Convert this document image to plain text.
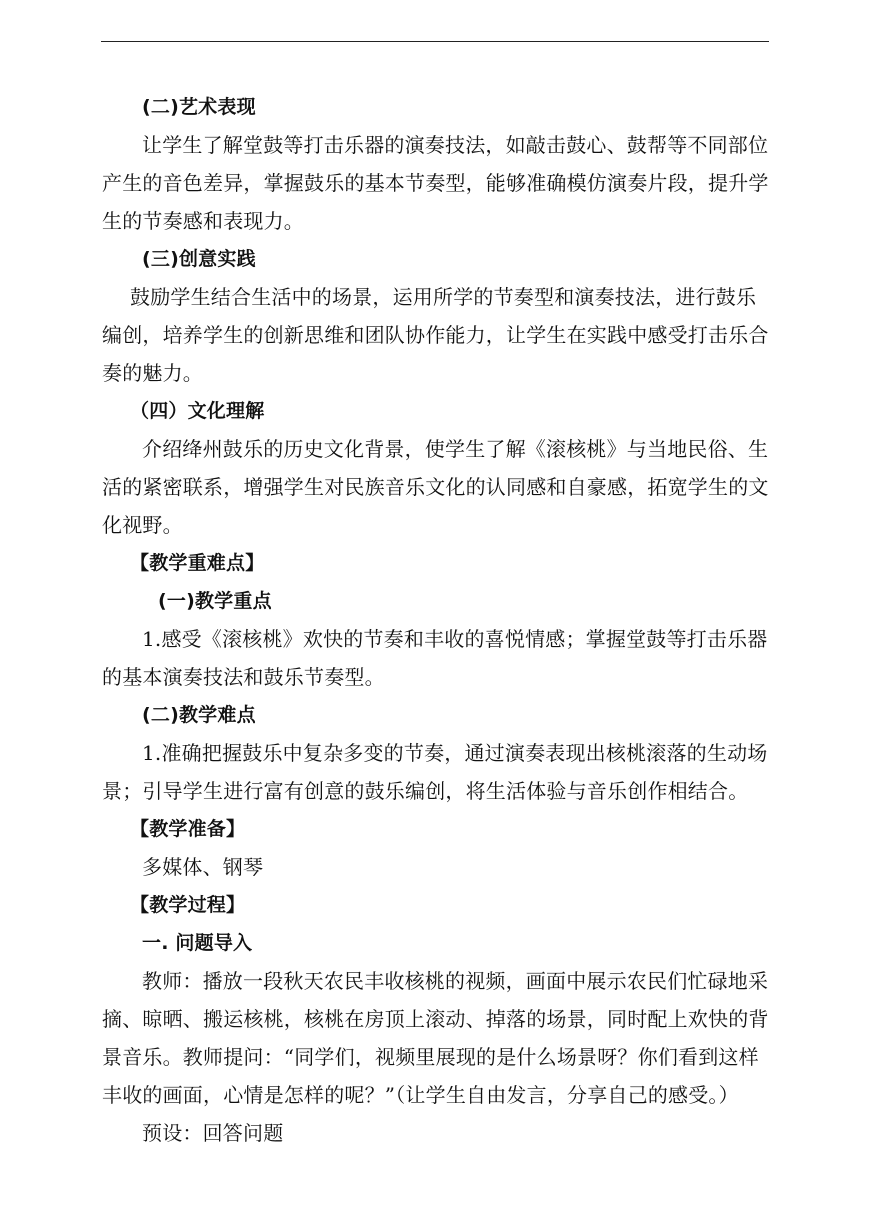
(二)艺术表现
让学生了解堂鼓等打击乐器的演奏技法，如敲击鼓心、鼓帮等不同部位
产生的音色差异，掌握鼓乐的基本节奏型，能够准确模仿演奏片段，提升学
生的节奏感和表现力。
(三)创意实践
鼓励学生结合生活中的场景，运用所学的节奏型和演奏技法，进行鼓乐
编创，培养学生的创新思维和团队协作能力，让学生在实践中感受打击乐合
奏的魅力。
（四）文化理解
介绍绛州鼓乐的历史文化背景，使学生了解《滚核桃》与当地民俗、生
活的紧密联系，增强学生对民族音乐文化的认同感和自豪感，拓宽学生的文
化视野。
【教学重难点】
(一)教学重点
1.感受《滚核桃》欢快的节奏和丰收的喜悦情感；掌握堂鼓等打击乐器
的基本演奏技法和鼓乐节奏型。
(二)教学难点
1.准确把握鼓乐中复杂多变的节奏，通过演奏表现出核桃滚落的生动场
景；引导学生进行富有创意的鼓乐编创，将生活体验与音乐创作相结合。
【教学准备】
多媒体、钢琴
【教学过程】
一. 问题导入
教师：播放一段秋天农民丰收核桃的视频，画面中展示农民们忙碌地采
摘、晾晒、搬运核桃，核桃在房顶上滚动、掉落的场景，同时配上欢快的背
景音乐。教师提问：“同学们，视频里展现的是什么场景呀？你们看到这样
丰收的画面，心情是怎样的呢？”（让学生自由发言，分享自己的感受。）
预设：回答问题
